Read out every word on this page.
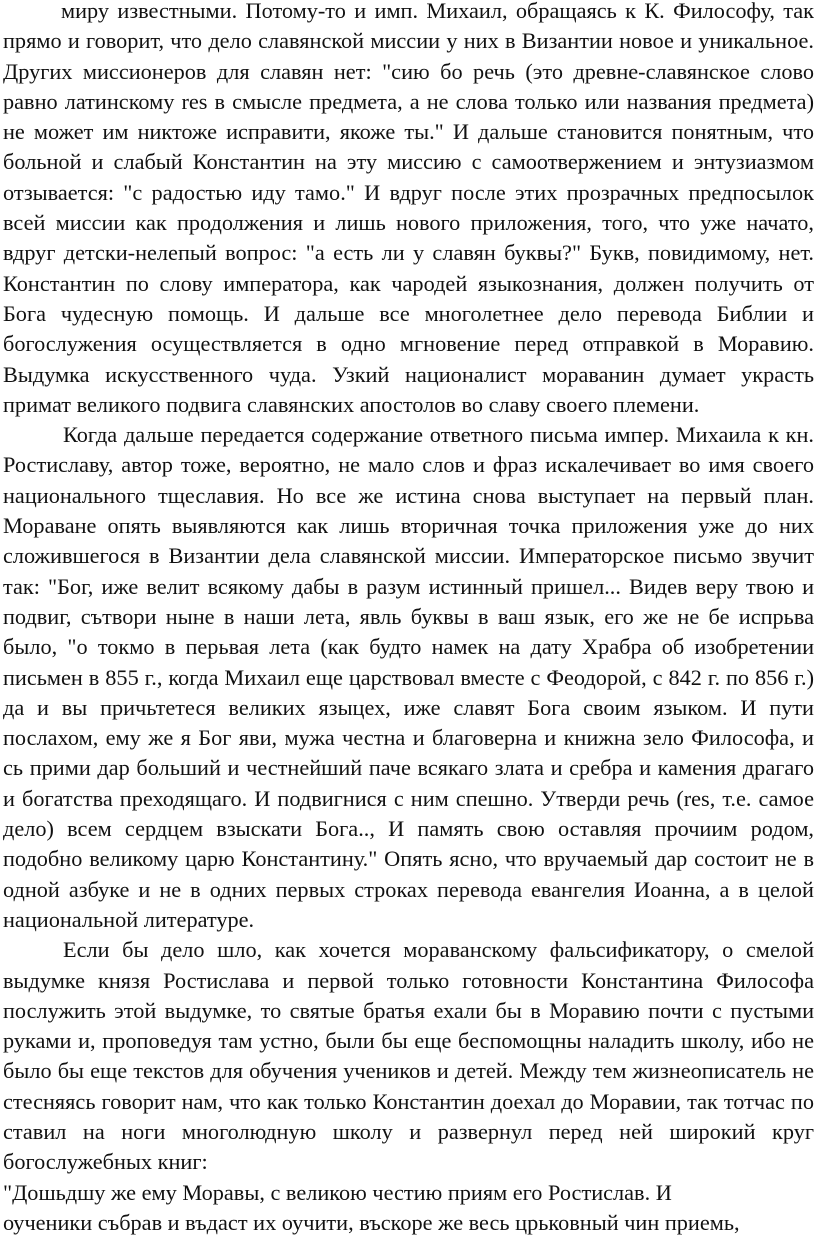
миру известными. Потому-то и имп. Михаил, обращаясь к К. Философу, так прямо и говорит, что дело славянской миссии у них в Византии новое и уникальное. Других миссионеров для славян нет: "сию бо речь (это древне-славянское слово равно латинскому res в смысле предмета, а не слова только или названия предмета) не может им никтоже исправити, якоже ты." И дальше становится понятным, что больной и слабый Константин на эту миссию с самоотвержением и энтузиазмом отзывается: "с радостью иду тамо." И вдруг после этих прозрачных предпосылок всей миссии как продолжения и лишь нового приложения, того, что уже начато, вдруг детски-нелепый вопрос: "а есть ли у славян буквы?" Букв, повидимому, нет. Константин по слову императора, как чародей языкознания, должен получить от Бога чудесную помощь. И дальше все многолетнее дело перевода Библии и богослужения осуществляется в одно мгновение перед отправкой в Моравию. Выдумка искусственного чуда. Узкий националист мораванин думает украсть примат великого подвига славянских апостолов во славу своего племени.

Когда дальше передается содержание ответного письма импер. Михаила к кн. Ростиславу, автор тоже, вероятно, не мало слов и фраз искалечивает во имя своего национального тщеславия. Но все же истина снова выступает на первый план. Мораване опять выявляются как лишь вторичная точка приложения уже до них сложившегося в Византии дела славянской миссии. Императорское письмо звучит так: "Бог, иже велит всякому дабы в разум истинный пришел... Видев веру твою и подвиг, сътвори ныне в наши лета, явль буквы в ваш язык, его же не бе испрьва было, "о токмо в перьвая лета (как будто намек на дату Храбра об изобретении письмен в 855 г., когда Михаил еще царствовал вместе с Феодорой, с 842 г. по 856 г.) да и вы причьтетеся великих языцех, иже славят Бога своим языком. И пути послахом, ему же я Бог яви, мужа честна и благоверна и книжна зело Философа, и сь прими дар больший и честнейший паче всякаго злата и сребра и камения драгаго и богатства преходящаго. И подвигнися с ним спешно. Утверди речь (res, т.е. самое дело) всем сердцем взыскати Бога.., И память свою оставляя прочиим родом, подобно великому царю Константину." Опять ясно, что вручаемый дар состоит не в одной азбуке и не в одних первых строках перевода евангелия Иоанна, а в целой национальной литературе.

Если бы дело шло, как хочется мораванскому фальсификатору, о смелой выдумке князя Ростислава и первой только готовности Константина Философа послужить этой выдумке, то святые братья ехали бы в Моравию почти с пустыми руками и, проповедуя там устно, были бы еще беспомощны наладить школу, ибо не было бы еще текстов для обучения учеников и детей. Между тем жизнеописатель не стесняясь говорит нам, что как только Константин доехал до Моравии, так тотчас по ставил на ноги многолюдную школу и развернул перед ней широкий круг богослужебных книг:

"Дошьдшу же ему Моравы, с великою честию приям его Ростислав. И

оученики събрав и въдаст их оучити, въскоре же весь црьковный чин приемь,
